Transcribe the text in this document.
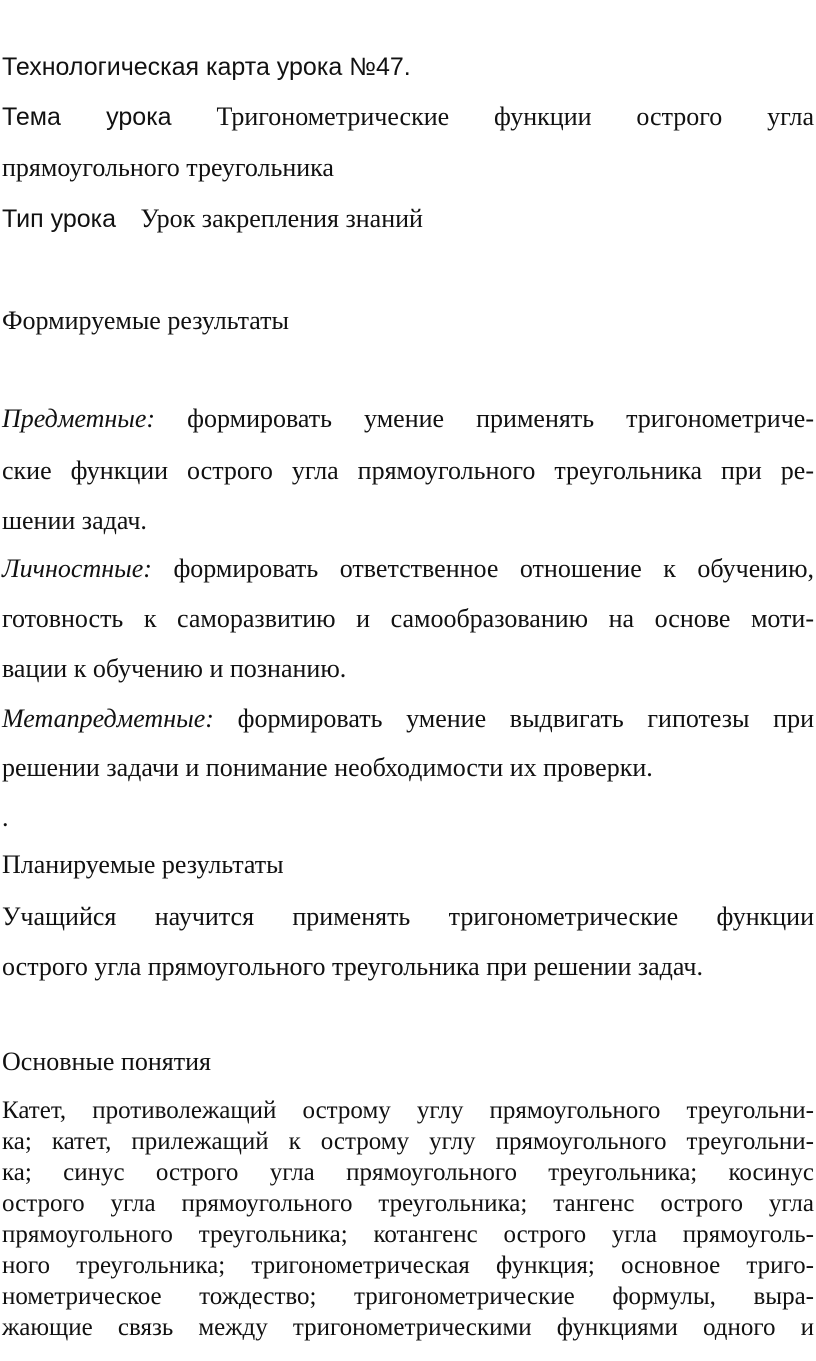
Технологическая карта урока №47.
Тема урока Тригонометрические функции острого угла
прямоугольного треугольника
Тип урока Урок закрепления знаний
Формируемые результаты
Предметные: формировать умение применять тригонометриче-
ские функции острого угла прямоугольного треугольника при ре-
шении задач.
Личностные: формировать ответственное отношение к обучению,
готовность к саморазвитию и самообразованию на основе моти-
вации к обучению и познанию.
Метапредметные: формировать умение выдвигать гипотезы при
решении задачи и понимание необходимости их проверки.
.
Планируемые результаты
Учащийся научится применять тригонометрические функции
острого угла прямоугольного треугольника при решении задач.
Основные понятия
Катет, противолежащий острому углу прямоугольного треугольни-
ка; катет, прилежащий к острому углу прямоугольного треугольни-
ка; синус острого угла прямоугольного треугольника; косинус
острого угла прямоугольного треугольника; тангенс острого угла
прямоугольного треугольника; котангенс острого угла прямоуголь-
ного треугольника; тригонометрическая функция; основное триго-
нометрическое тождество; тригонометрические формулы, выра-
жающие связь между тригонометрическими функциями одного и
